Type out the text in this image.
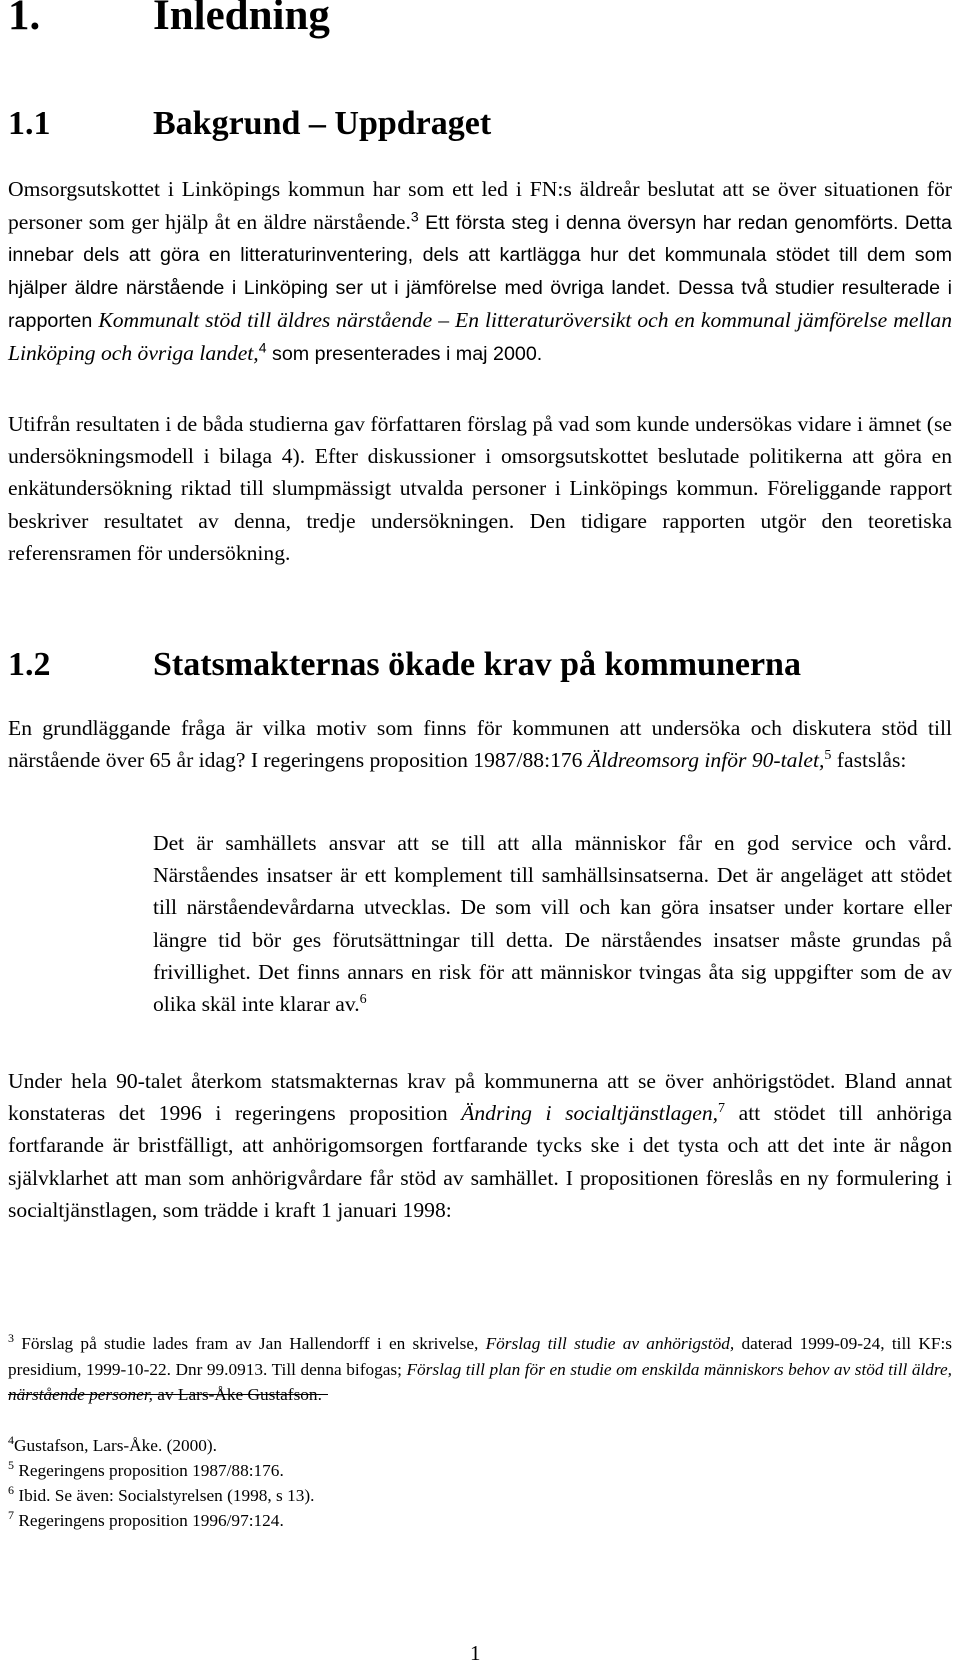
1.	Inledning
1.1	Bakgrund – Uppdraget

Omsorgsutskottet i Linköpings kommun har som ett led i FN:s äldreår beslutat att se över situationen för personer som ger hjälp åt en äldre närstående.$^3$ Ett första steg i denna översyn har redan genomförts. Detta innebar dels att göra en litteraturinventering, dels att kartlägga hur det kommunala stödet till dem som hjälper äldre närstående i Linköping ser ut i jämförelse med övriga landet. Dessa två studier resulterade i rapporten Kommunalt stöd till äldres närstående – En litteraturöversikt och en kommunal jämförelse mellan Linköping och övriga landet,$^4$ som presenterades i maj 2000.

Utifrån resultaten i de båda studierna gav författaren förslag på vad som kunde undersökas vidare i ämnet (se undersökningsmodell i bilaga 4). Efter diskussioner i omsorgsutskottet beslutade politikerna att göra en enkätundersökning riktad till slumpmässigt utvalda personer i Linköpings kommun. Föreliggande rapport beskriver resultatet av denna, tredje undersökningen. Den tidigare rapporten utgör den teoretiska referensramen för undersökning.

1.2	Statsmakternas ökade krav på kommunerna

En grundläggande fråga är vilka motiv som finns för kommunen att undersöka och diskutera stöd till närstående över 65 år idag? I regeringens proposition 1987/88:176 Äldreomsorg inför 90-talet,$^5$ fastslås:

Det är samhällets ansvar att se till att alla människor får en god service och vård. Närståendes insatser är ett komplement till samhällsinsatserna. Det är angeläget att stödet till närståendevårdarna utvecklas. De som vill och kan göra insatser under kortare eller längre tid bör ges förutsättningar till detta. De närståendes insatser måste grundas på frivillighet. Det finns annars en risk för att människor tvingas åta sig uppgifter som de av olika skäl inte klarar av.$^6$

Under hela 90-talet återkom statsmakternas krav på kommunerna att se över anhörigstödet. Bland annat konstateras det 1996 i regeringens proposition Ändring i socialtjänstlagen,$^7$ att stödet till anhöriga fortfarande är bristfälligt, att anhörigomsorgen fortfarande tycks ske i det tysta och att det inte är någon självklarhet att man som anhörigvårdare får stöd av samhället. I propositionen föreslås en ny formulering i socialtjänstlagen, som trädde i kraft 1 januari 1998:

$^3$ Förslag på studie lades fram av Jan Hallendorff i en skrivelse, Förslag till studie av anhörigstöd, daterad 1999-09-24, till KF:s presidium, 1999-10-22. Dnr 99.0913. Till denna bifogas; Förslag till plan för en studie om enskilda människors behov av stöd till äldre, närstående personer, av Lars-Åke Gustafson.

$^4$Gustafson, Lars-Åke. (2000).

$^5$ Regeringens proposition 1987/88:176.

$^6$ Ibid. Se även: Socialstyrelsen (1998, s 13).

$^7$ Regeringens proposition 1996/97:124.

1
